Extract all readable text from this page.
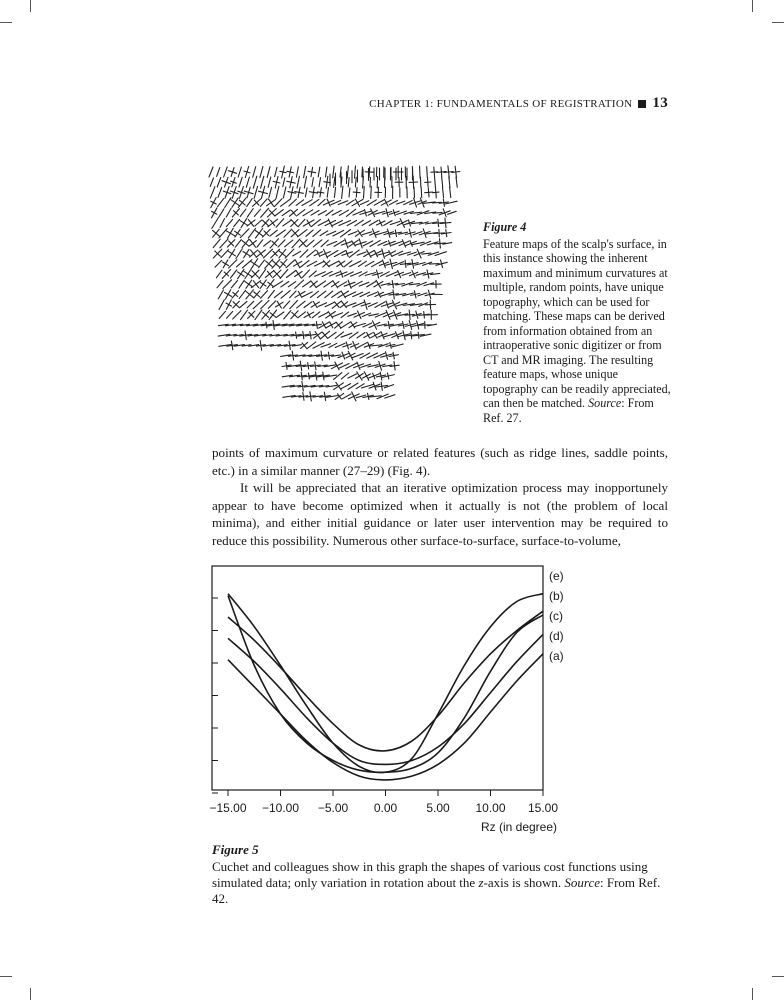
CHAPTER 1: FUNDAMENTALS OF REGISTRATION 13
Figure 4
Feature maps of the scalp's surface, in this instance showing the inherent maximum and minimum curvatures at multiple, random points, have unique topography, which can be used for matching. These maps can be derived from information obtained from an intraoperative sonic digitizer or from CT and MR imaging. The resulting feature maps, whose unique topography can be readily appreciated, can then be matched. Source: From Ref. 27.

points of maximum curvature or related features (such as ridge lines, saddle points, etc.) in a similar manner (27–29) (Fig. 4).

It will be appreciated that an iterative optimization process may inopportunely appear to have become optimized when it actually is not (the problem of local minima), and either initial guidance or later user intervention may be required to reduce this possibility. Numerous other surface-to-surface, surface-to-volume,

−15.00 −10.00 −5.00 0.00 5.00 10.00 15.00
Rz (in degree)
(e)
(b)
(c)
(d)
(a)
Figure 5
Cuchet and colleagues show in this graph the shapes of various cost functions using simulated data; only variation in rotation about the z-axis is shown. Source: From Ref. 42.
